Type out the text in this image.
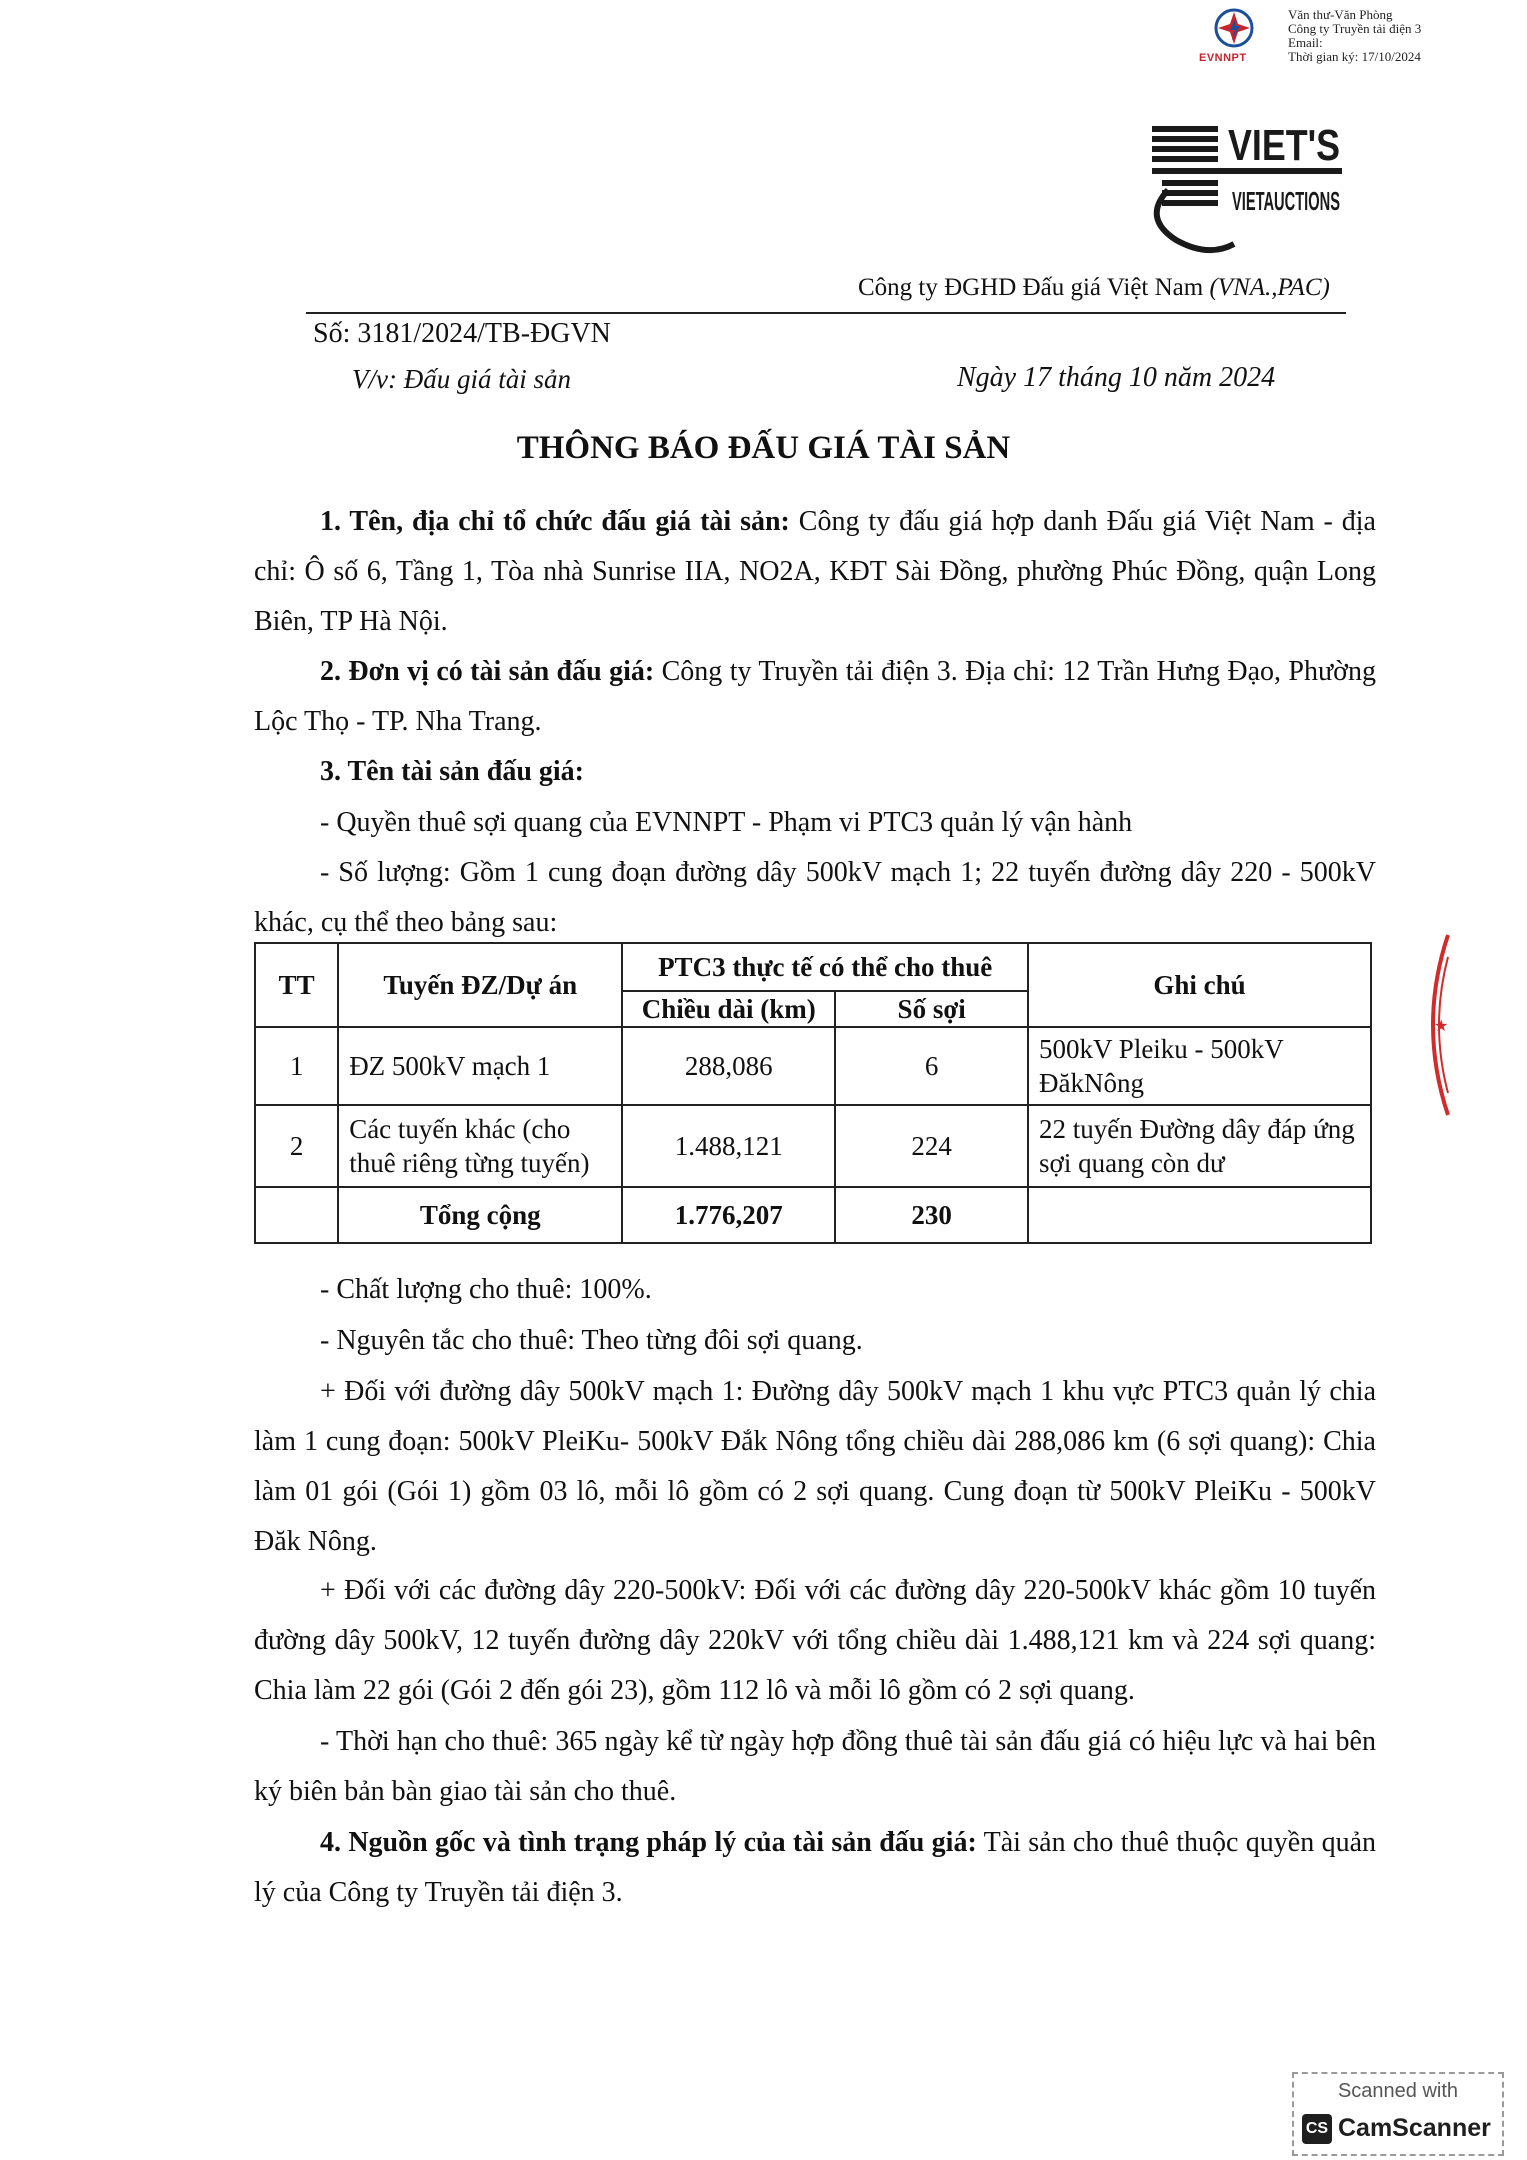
EVNNPT
Văn thư-Văn Phòng
Công ty Truyền tải điện 3
Email:
Thời gian ký: 17/10/2024
VIET'S
VIETAUCTIONS
Công ty ĐGHD Đấu giá Việt Nam (VNA.,PAC)
Số: 3181/2024/TB-ĐGVN
V/v: Đấu giá tài sản	Ngày 17 tháng 10 năm 2024
THÔNG BÁO ĐẤU GIÁ TÀI SẢN
1. Tên, địa chỉ tổ chức đấu giá tài sản: Công ty đấu giá hợp danh Đấu giá Việt Nam - địa chỉ: Ô số 6, Tầng 1, Tòa nhà Sunrise IIA, NO2A, KĐT Sài Đồng, phường Phúc Đồng, quận Long Biên, TP Hà Nội.
2. Đơn vị có tài sản đấu giá: Công ty Truyền tải điện 3. Địa chỉ: 12 Trần Hưng Đạo, Phường Lộc Thọ - TP. Nha Trang.
3. Tên tài sản đấu giá:
- Quyền thuê sợi quang của EVNNPT - Phạm vi PTC3 quản lý vận hành
- Số lượng: Gồm 1 cung đoạn đường dây 500kV mạch 1; 22 tuyến đường dây 220 - 500kV khác, cụ thể theo bảng sau:
TT	Tuyến ĐZ/Dự án	PTC3 thực tế có thể cho thuê		Ghi chú
		Chiều dài (km)	Số sợi	
1	ĐZ 500kV mạch 1	288,086	6	500kV Pleiku - 500kV ĐăkNông
2	Các tuyến khác (cho thuê riêng từng tuyến)	1.488,121	224	22 tuyến Đường dây đáp ứng sợi quang còn dư
	Tổng cộng	1.776,207	230	
★
- Chất lượng cho thuê: 100%.
- Nguyên tắc cho thuê: Theo từng đôi sợi quang.
+ Đối với đường dây 500kV mạch 1: Đường dây 500kV mạch 1 khu vực PTC3 quản lý chia làm 1 cung đoạn: 500kV PleiKu- 500kV Đắk Nông tổng chiều dài 288,086 km (6 sợi quang): Chia làm 01 gói (Gói 1) gồm 03 lô, mỗi lô gồm có 2 sợi quang. Cung đoạn từ 500kV PleiKu - 500kV Đăk Nông.
+ Đối với các đường dây 220-500kV: Đối với các đường dây 220-500kV khác gồm 10 tuyến đường dây 500kV, 12 tuyến đường dây 220kV với tổng chiều dài 1.488,121 km và 224 sợi quang: Chia làm 22 gói (Gói 2 đến gói 23), gồm 112 lô và mỗi lô gồm có 2 sợi quang.
- Thời hạn cho thuê: 365 ngày kể từ ngày hợp đồng thuê tài sản đấu giá có hiệu lực và hai bên ký biên bản bàn giao tài sản cho thuê.
4. Nguồn gốc và tình trạng pháp lý của tài sản đấu giá: Tài sản cho thuê thuộc quyền quản lý của Công ty Truyền tải điện 3.
Scanned with
CS CamScanner
